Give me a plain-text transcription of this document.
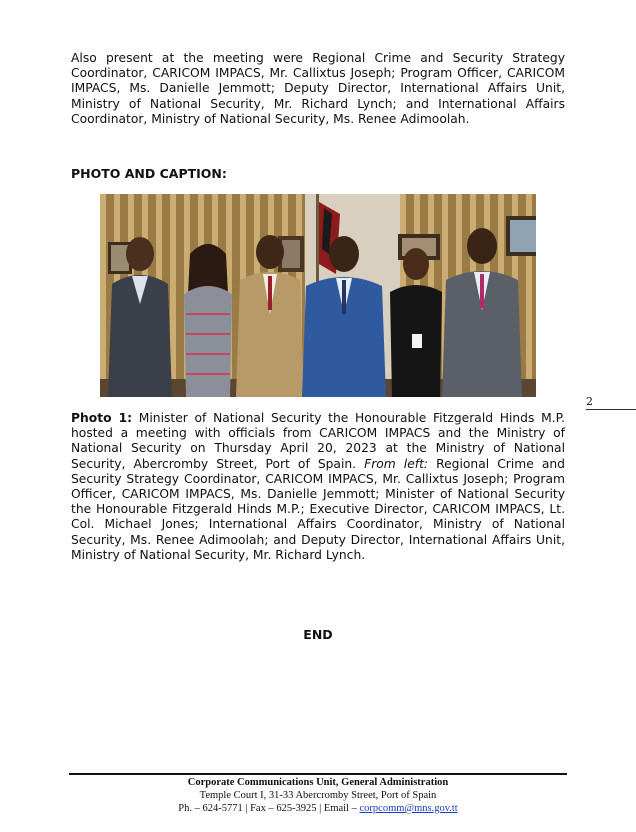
Also present at the meeting were Regional Crime and Security Strategy Coordinator, CARICOM IMPACS, Mr. Callixtus Joseph; Program Officer, CARICOM IMPACS, Ms. Danielle Jemmott; Deputy Director, International Affairs Unit, Ministry of National Security, Mr. Richard Lynch; and International Affairs Coordinator, Ministry of National Security, Ms. Renee Adimoolah.

PHOTO AND CAPTION:

2

Photo 1: Minister of National Security the Honourable Fitzgerald Hinds M.P. hosted a meeting with officials from CARICOM IMPACS and the Ministry of National Security on Thursday April 20, 2023 at the Ministry of National Security, Abercromby Street, Port of Spain. From left: Regional Crime and Security Strategy Coordinator, CARICOM IMPACS, Mr. Callixtus Joseph; Program Officer, CARICOM IMPACS, Ms. Danielle Jemmott; Minister of National Security the Honourable Fitzgerald Hinds M.P.; Executive Director, CARICOM IMPACS, Lt. Col. Michael Jones; International Affairs Coordinator, Ministry of National Security, Ms. Renee Adimoolah; and Deputy Director, International Affairs Unit, Ministry of National Security, Mr. Richard Lynch.

END
Corporate Communications Unit, General Administration
Temple Court I, 31-33 Abercromby Street, Port of Spain
Ph. – 624-5771 | Fax – 625-3925 | Email – corpcomm@mns.gov.tt
